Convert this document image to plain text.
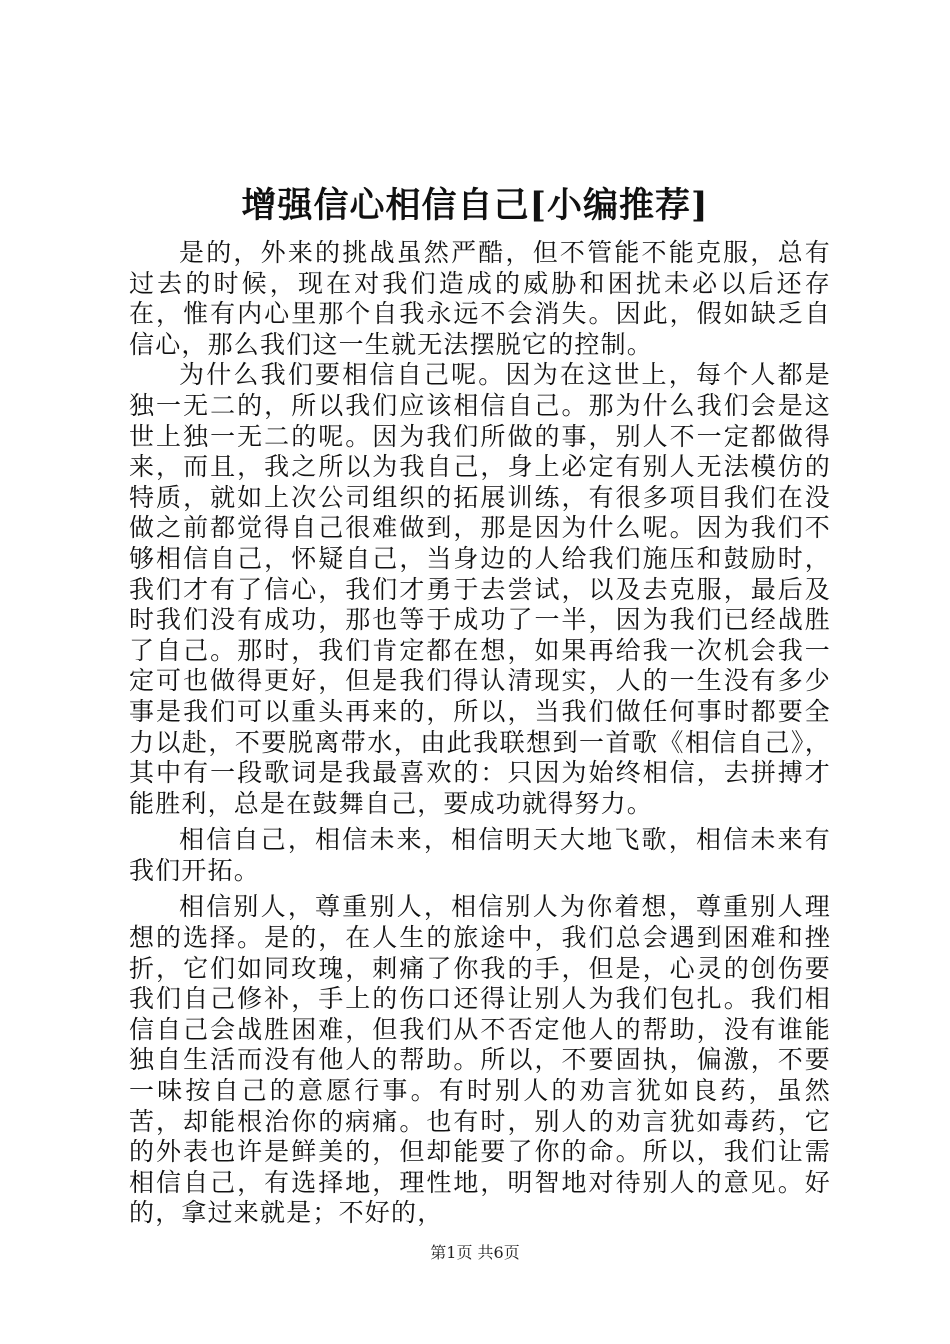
增强信心相信自己[小编推荐]

是的，外来的挑战虽然严酷，但不管能不能克服，总有过去的时候，现在对我们造成的威胁和困扰未必以后还存在，惟有内心里那个自我永远不会消失。因此，假如缺乏自信心，那么我们这一生就无法摆脱它的控制。

为什么我们要相信自己呢。因为在这世上，每个人都是独一无二的，所以我们应该相信自己。那为什么我们会是这世上独一无二的呢。因为我们所做的事，别人不一定都做得来，而且，我之所以为我自己，身上必定有别人无法模仿的特质，就如上次公司组织的拓展训练，有很多项目我们在没做之前都觉得自己很难做到，那是因为什么呢。因为我们不够相信自己，怀疑自己，当身边的人给我们施压和鼓励时，我们才有了信心，我们才勇于去尝试，以及去克服，最后及时我们没有成功，那也等于成功了一半，因为我们已经战胜了自己。那时，我们肯定都在想，如果再给我一次机会我一定可也做得更好，但是我们得认清现实，人的一生没有多少事是我们可以重头再来的，所以，当我们做任何事时都要全力以赴，不要脱离带水，由此我联想到一首歌《相信自己》，其中有一段歌词是我最喜欢的：只因为始终相信，去拼搏才能胜利，总是在鼓舞自己，要成功就得努力。

相信自己，相信未来，相信明天大地飞歌，相信未来有我们开拓。

相信别人，尊重别人，相信别人为你着想，尊重别人理想的选择。是的，在人生的旅途中，我们总会遇到困难和挫折，它们如同玫瑰，刺痛了你我的手，但是，心灵的创伤要我们自己修补，手上的伤口还得让别人为我们包扎。我们相信自己会战胜困难，但我们从不否定他人的帮助，没有谁能独自生活而没有他人的帮助。所以，不要固执，偏激，不要一味按自己的意愿行事。有时别人的劝言犹如良药，虽然苦，却能根治你的病痛。也有时，别人的劝言犹如毒药，它的外表也许是鲜美的，但却能要了你的命。所以，我们让需相信自己，有选择地，理性地，明智地对待别人的意见。好的，拿过来就是；不好的，

第1页 共6页
